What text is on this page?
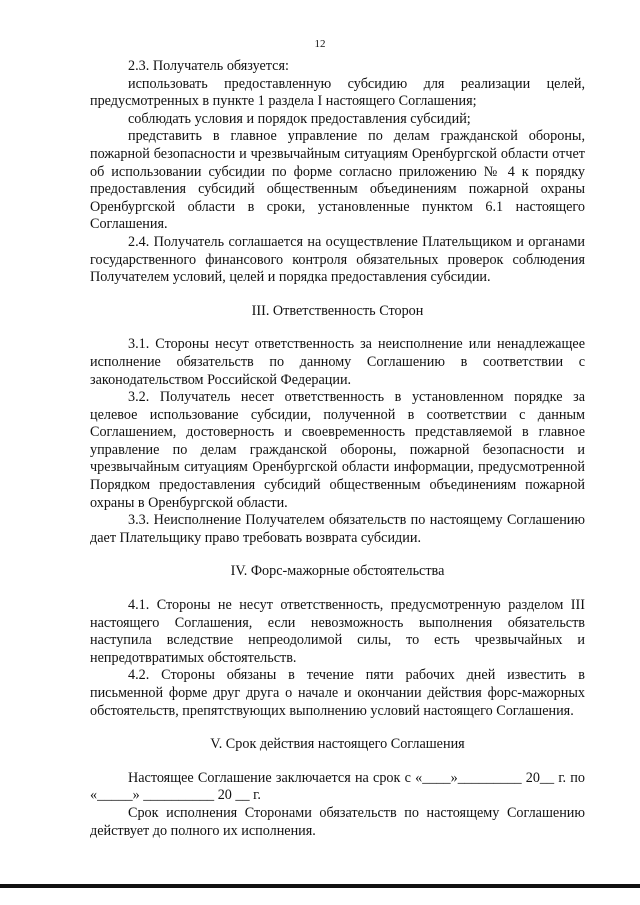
12

2.3. Получатель обязуется:

использовать предоставленную субсидию для реализации целей, предусмотренных в пункте 1 раздела I настоящего Соглашения;

соблюдать условия и порядок предоставления субсидий;

представить в главное управление по делам гражданской обороны, пожарной безопасности и чрезвычайным ситуациям Оренбургской области отчет об использовании субсидии по форме согласно приложению № 4 к порядку предоставления субсидий общественным объединениям пожарной охраны Оренбургской области в сроки, установленные пунктом 6.1 настоящего Соглашения.

2.4. Получатель соглашается на осуществление Плательщиком и органами государственного финансового контроля обязательных проверок соблюдения Получателем условий, целей и порядка предоставления субсидии.

III. Ответственность Сторон

3.1. Стороны несут ответственность за неисполнение или ненадлежащее исполнение обязательств по данному Соглашению в соответствии с законодательством Российской Федерации.

3.2. Получатель несет ответственность в установленном порядке за целевое использование субсидии, полученной в соответствии с данным Соглашением, достоверность и своевременность представляемой в главное управление по делам гражданской обороны, пожарной безопасности и чрезвычайным ситуациям Оренбургской области информации, предусмотренной Порядком предоставления субсидий общественным объединениям пожарной охраны в Оренбургской области.

3.3. Неисполнение Получателем обязательств по настоящему Соглашению дает Плательщику право требовать возврата субсидии.

IV. Форс-мажорные обстоятельства

4.1. Стороны не несут ответственность, предусмотренную разделом III настоящего Соглашения, если невозможность выполнения обязательств наступила вследствие непреодолимой силы, то есть чрезвычайных и непредотвратимых обстоятельств.

4.2. Стороны обязаны в течение пяти рабочих дней известить в письменной форме друг друга о начале и окончании действия форс-мажорных обстоятельств, препятствующих выполнению условий настоящего Соглашения.

V. Срок действия настоящего Соглашения

Настоящее Соглашение заключается на срок с «____»_________ 20__ г. по «_____» __________ 20 __ г.

Срок исполнения Сторонами обязательств по настоящему Соглашению действует до полного их исполнения.
